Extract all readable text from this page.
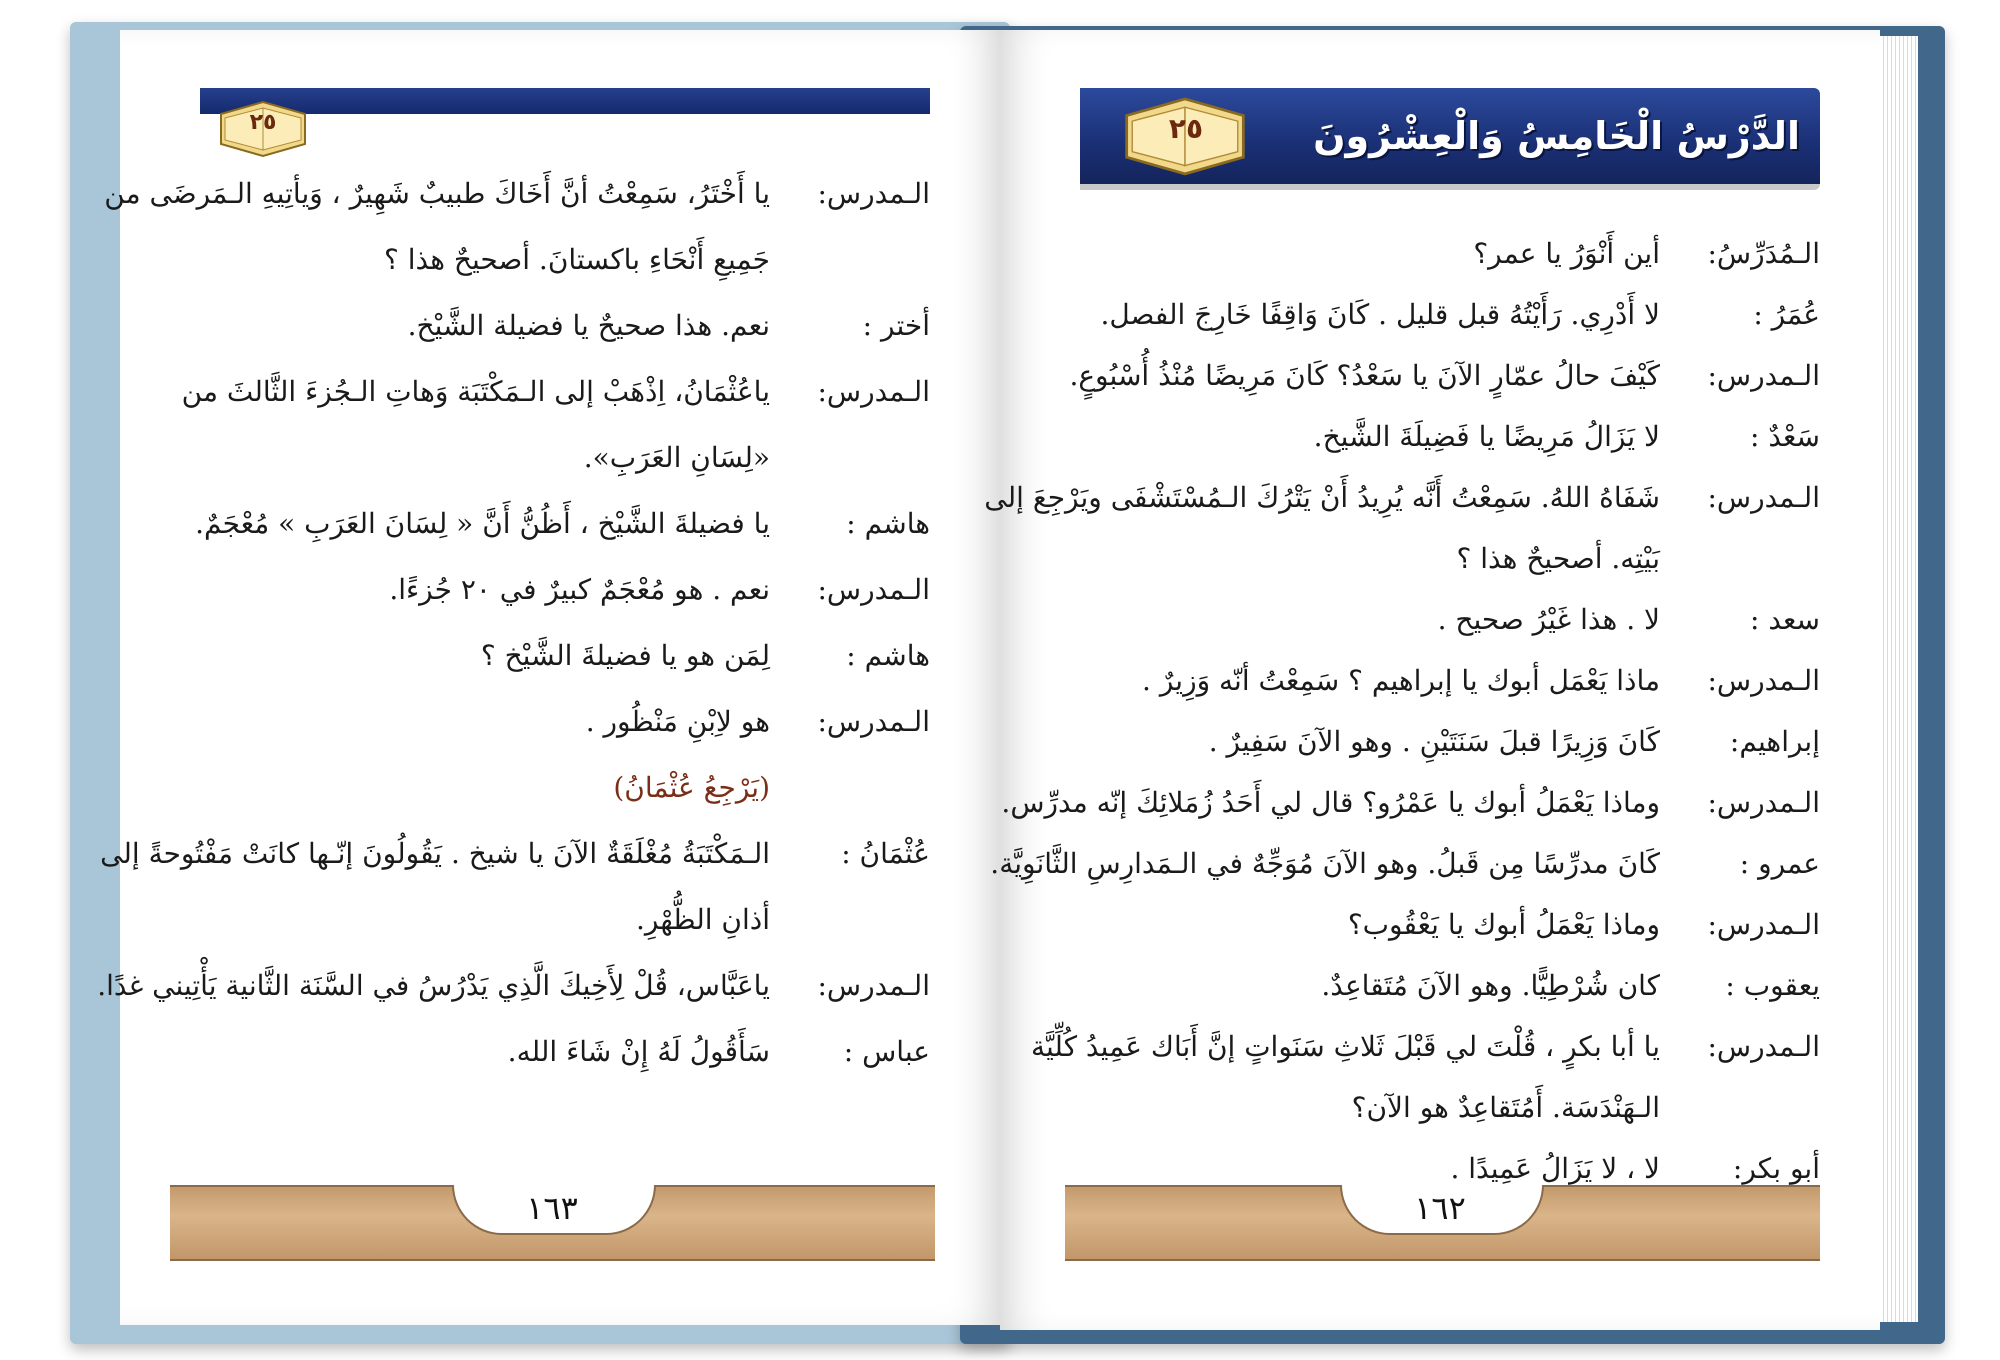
٢٥
الـمدرس:يا أَخْتَرُ، سَمِعْتُ أنَّ أَخَاكَ طبيبٌ شَهِيرٌ ، وَيأتِيهِ الـمَرضَى من
جَمِيعِ أَنْحَاءِ باكستانَ. أصحيحٌ هذا ؟
أختر :نعم. هذا صحيحٌ يا فضيلة الشَّيْخ.
الـمدرس:ياعُثْمَانُ، اِذْهَبْ إلى الـمَكْتَبَة وَهاتِ الـجُزءَ الثَّالثَ من
«لِسَانِ العَرَبِ».
هاشم :يا فضيلةَ الشَّيْخ ، أَظُنُّ أَنَّ « لِسَانَ العَرَبِ » مُعْجَمٌ.
الـمدرس:نعم . هو مُعْجَمٌ كبيرٌ في ٢٠ جُزءًا.
هاشم :لِمَن هو يا فضيلةَ الشَّيْخ ؟
الـمدرس:هو لاِبْنِ مَنْظُور .
(يَرْجِعُ عُثْمَانُ)
عُثْمَانُ :الـمَكْتَبَةُ مُغْلَقَةٌ الآنَ يا شيخ . يَقُولُونَ إنّـها كانَتْ مَفْتُوحةً إلى
أذانِ الظُّهْرِ.
الـمدرس:ياعَبَّاس، قُلْ لِأَخِيكَ الَّذِي يَدْرُسُ في السَّنَة الثَّانية يَأْتِيني غدًا.
عباس :سَأَقُولُ لَهُ إِنْ شَاءَ الله.
١٦٣
الدَّرْسُ الْخَامِسُ وَالْعِشْرُونَ
٢٥
الـمُدَرِّسُ:أين أَنْوَرُ يا عمر؟
عُمَرُ :لا أَدْرِي. رَأَيْتُهُ قبل قليل . كَانَ وَاقِفًا خَارِجَ الفصل.
الـمدرس:كَيْفَ حالُ عمّارٍ الآنَ يا سَعْدُ؟ كَانَ مَرِيضًا مُنْذُ أُسْبُوعٍ.
سَعْدٌ :لا يَزَالُ مَرِيضًا يا فَضِيلَةَ الشَّيخ.
الـمدرس:شَفَاهُ اللهُ. سَمِعْتُ أَنَّه يُرِيدُ أَنْ يَتْرُكَ الـمُسْتَشْفَى ويَرْجِعَ إلى
بَيْتِه. أصحيحٌ هذا ؟
سعد :لا . هذا غَيْرُ صحيح .
الـمدرس:ماذا يَعْمَل أبوك يا إبراهيم ؟ سَمِعْتُ أنّه وَزِيرٌ .
إبراهيم:كَانَ وَزِيرًا قبلَ سَنَتَيْنِ . وهو الآنَ سَفِيرٌ .
الـمدرس:وماذا يَعْمَلُ أبوك يا عَمْرُو؟ قال لي أَحَدُ زُمَلائِكَ إنّه مدرِّس.
عمرو :كَانَ مدرِّسًا مِن قَبلُ. وهو الآنَ مُوَجِّهٌ في الـمَدارِسِ الثَّانَوِيَّة.
الـمدرس:وماذا يَعْمَلُ أبوك يا يَعْقُوب؟
يعقوب :كان شُرْطِيًّا. وهو الآنَ مُتَقاعِدٌ.
الـمدرس:يا أبا بكرٍ ، قُلْتَ لي قَبْلَ ثَلاثِ سَنَواتٍ إنَّ أَبَاك عَمِيدُ كُلِّيَّة
الـهَنْدَسَة. أَمُتَقاعِدٌ هو الآن؟
أبو بكر:لا ، لا يَزَالُ عَمِيدًا .
١٦٢
